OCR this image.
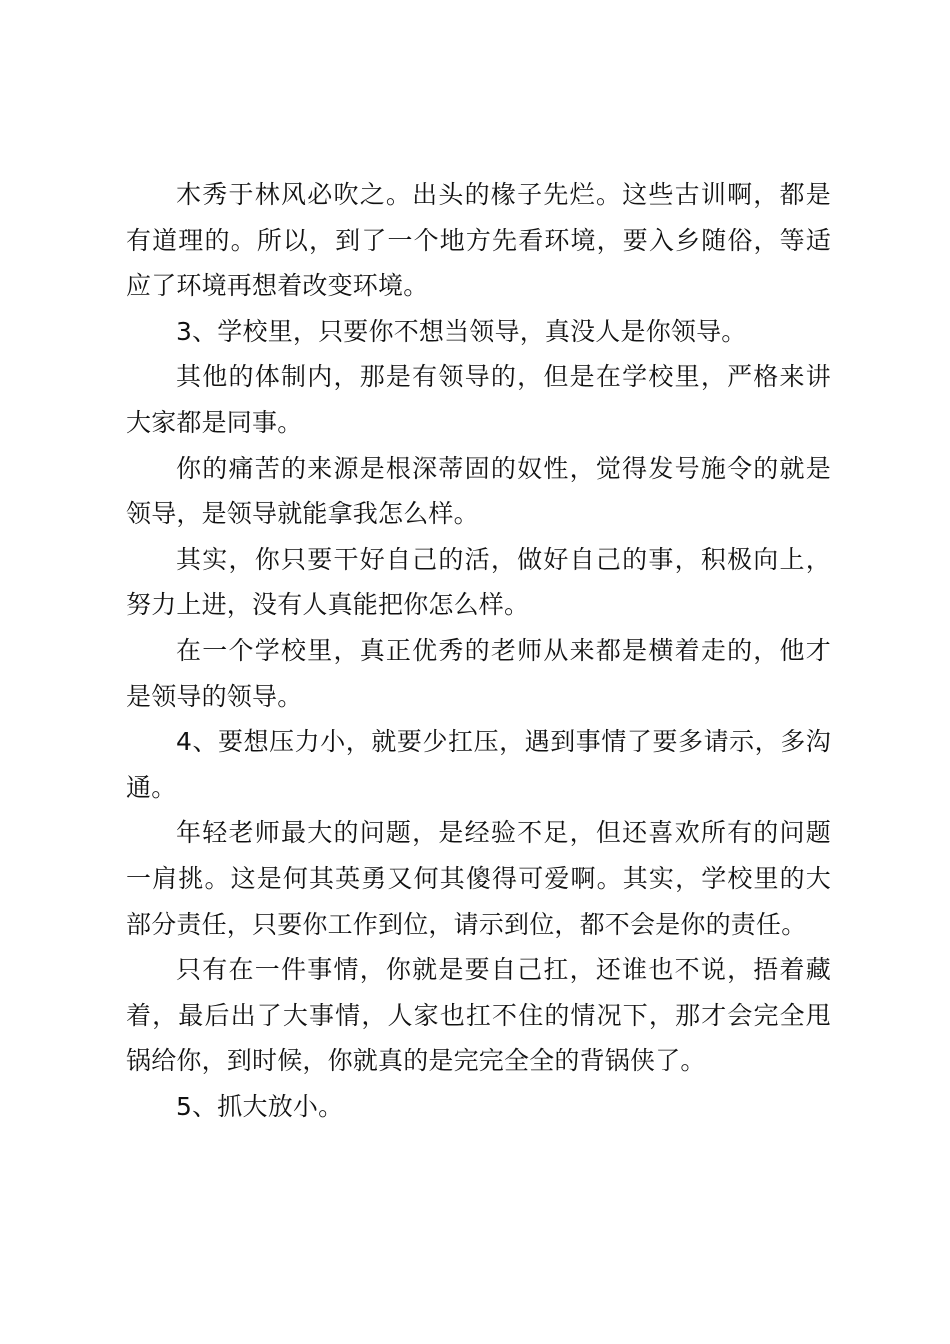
木秀于林风必吹之。出头的椽子先烂。这些古训啊，都是有道理的。所以，到了一个地方先看环境，要入乡随俗，等适应了环境再想着改变环境。

3、学校里，只要你不想当领导，真没人是你领导。

其他的体制内，那是有领导的，但是在学校里，严格来讲大家都是同事。

你的痛苦的来源是根深蒂固的奴性，觉得发号施令的就是领导，是领导就能拿我怎么样。

其实，你只要干好自己的活，做好自己的事，积极向上，努力上进，没有人真能把你怎么样。

在一个学校里，真正优秀的老师从来都是横着走的，他才是领导的领导。

4、要想压力小，就要少扛压，遇到事情了要多请示，多沟通。

年轻老师最大的问题，是经验不足，但还喜欢所有的问题一肩挑。这是何其英勇又何其傻得可爱啊。其实，学校里的大部分责任，只要你工作到位，请示到位，都不会是你的责任。

只有在一件事情，你就是要自己扛，还谁也不说，捂着藏着，最后出了大事情，人家也扛不住的情况下，那才会完全甩锅给你，到时候，你就真的是完完全全的背锅侠了。

5、抓大放小。
